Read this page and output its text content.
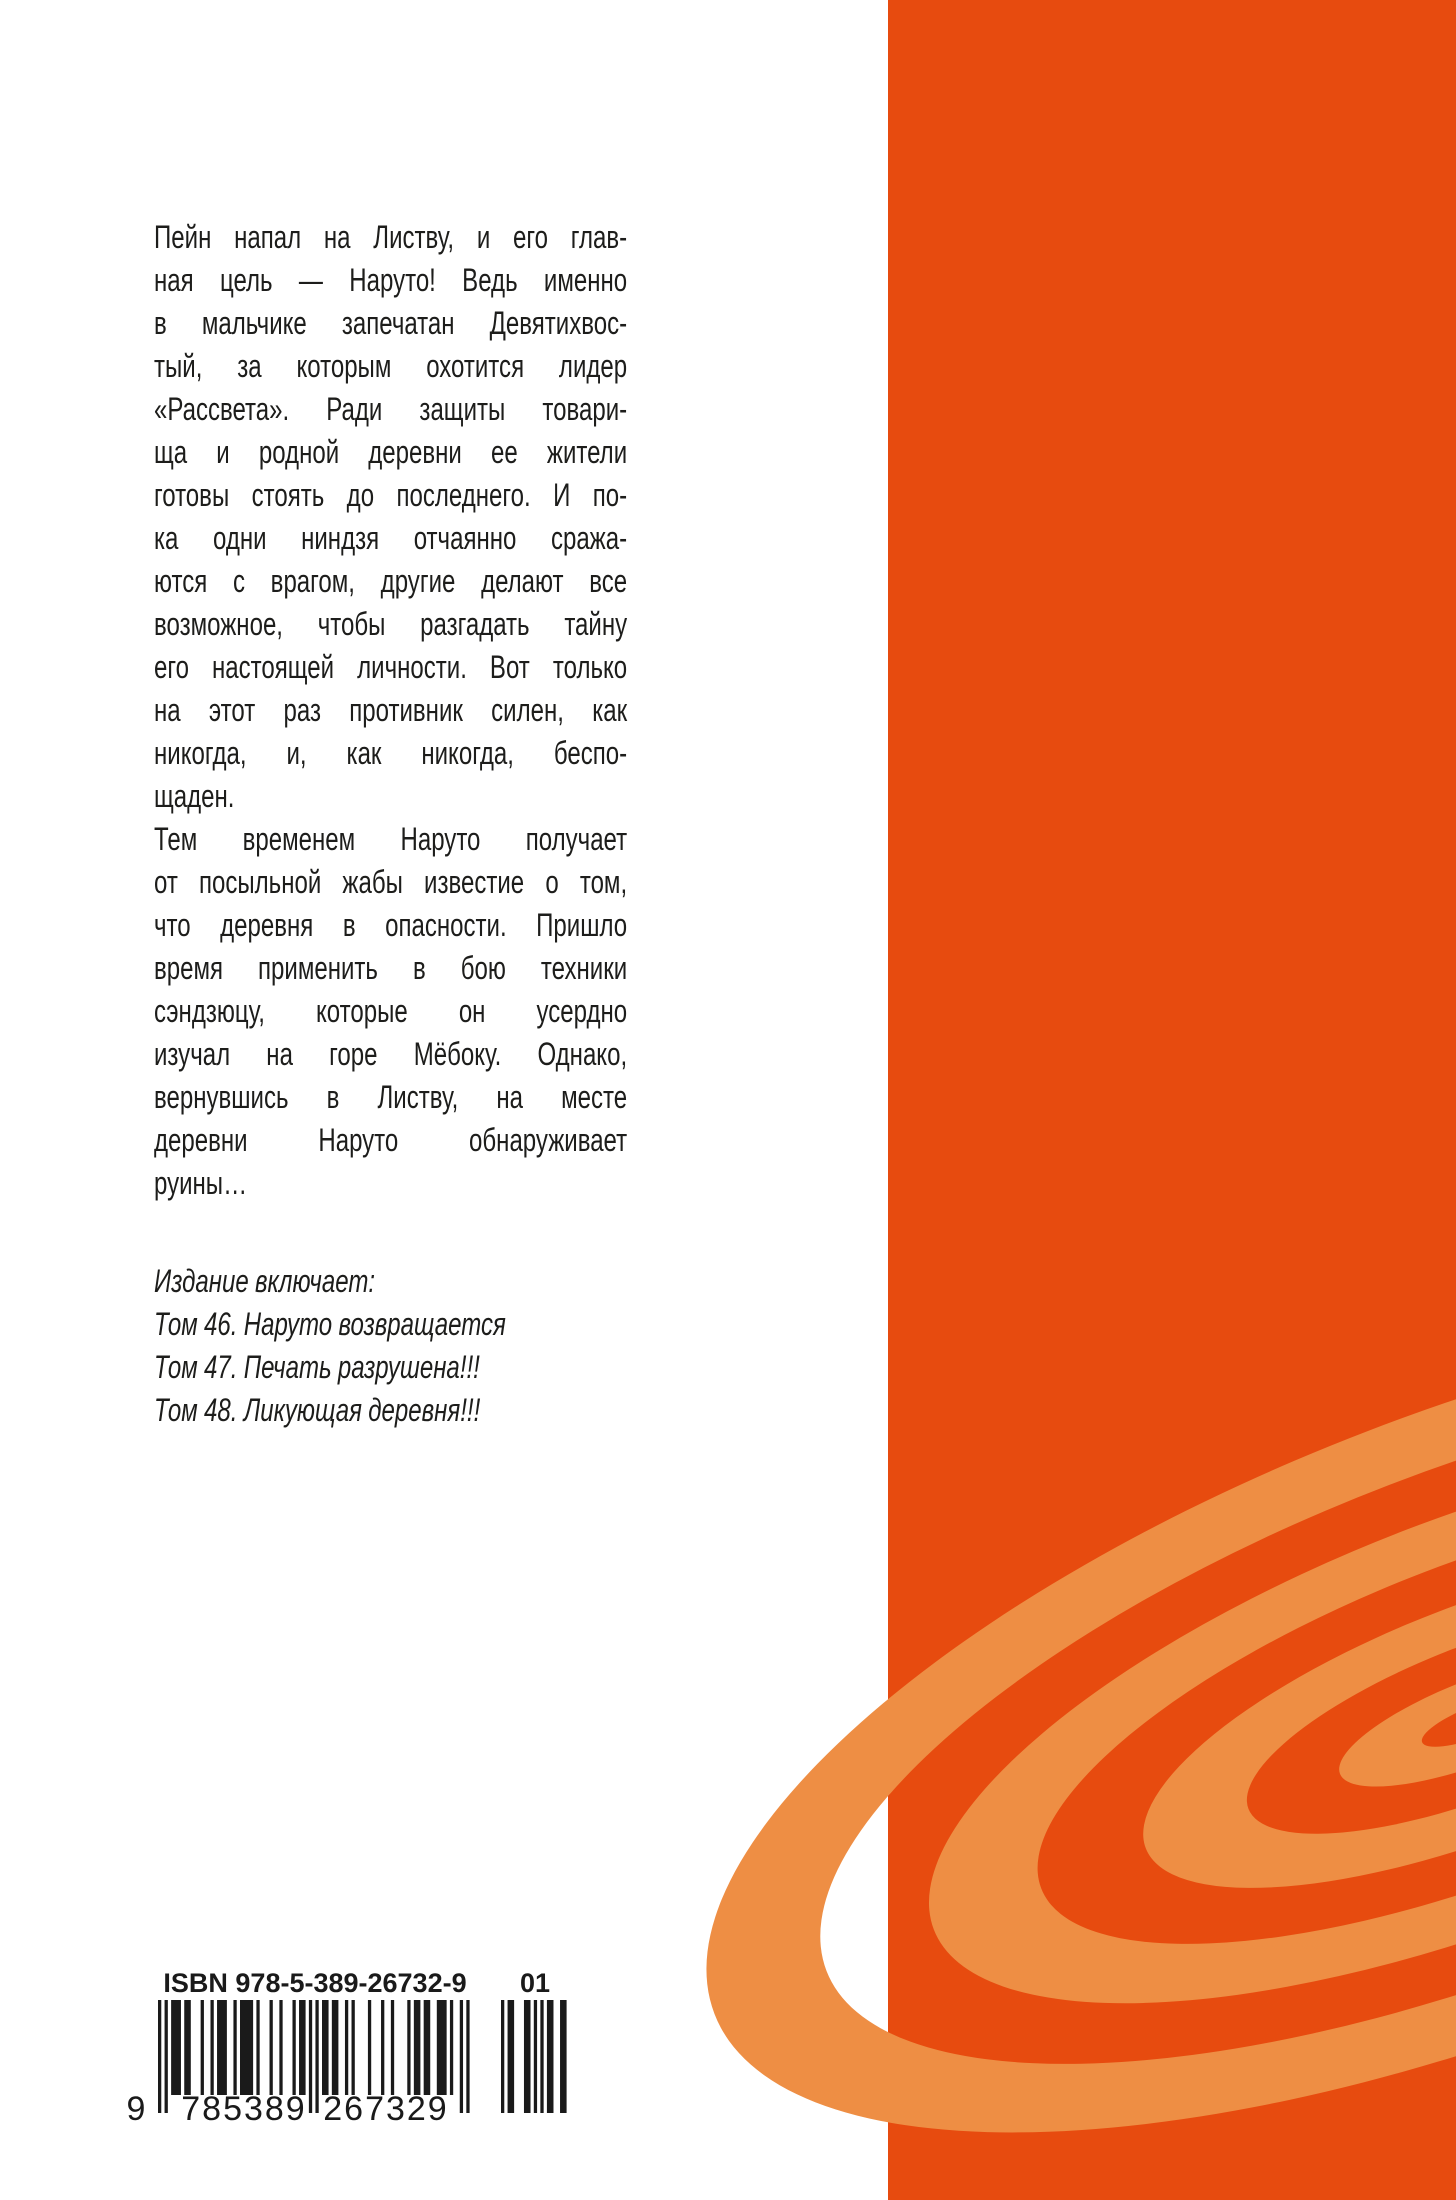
Пейн напал на Листву, и его глав-
ная цель — Наруто! Ведь именно
в мальчике запечатан Девятихвос-
тый, за которым охотится лидер
«Рассвета». Ради защиты товари-
ща и родной деревни ее жители
готовы стоять до последнего. И по-
ка одни ниндзя отчаянно сража-
ются с врагом, другие делают все
возможное, чтобы разгадать тайну
его настоящей личности. Вот только
на этот раз противник силен, как
никогда, и, как никогда, беспо-
щаден.
Тем временем Наруто получает
от посыльной жабы известие о том,
что деревня в опасности. Пришло
время применить в бою техники
сэндзюцу, которые он усердно
изучал на горе Мёбоку. Однако,
вернувшись в Листву, на месте
деревни Наруто обнаруживает
руины…
Издание включает:
Том 46. Наруто возвращается
Том 47. Печать разрушена!!!
Том 48. Ликующая деревня!!!
ISBN 978-5-389-26732-9	01
9 785389 267329
